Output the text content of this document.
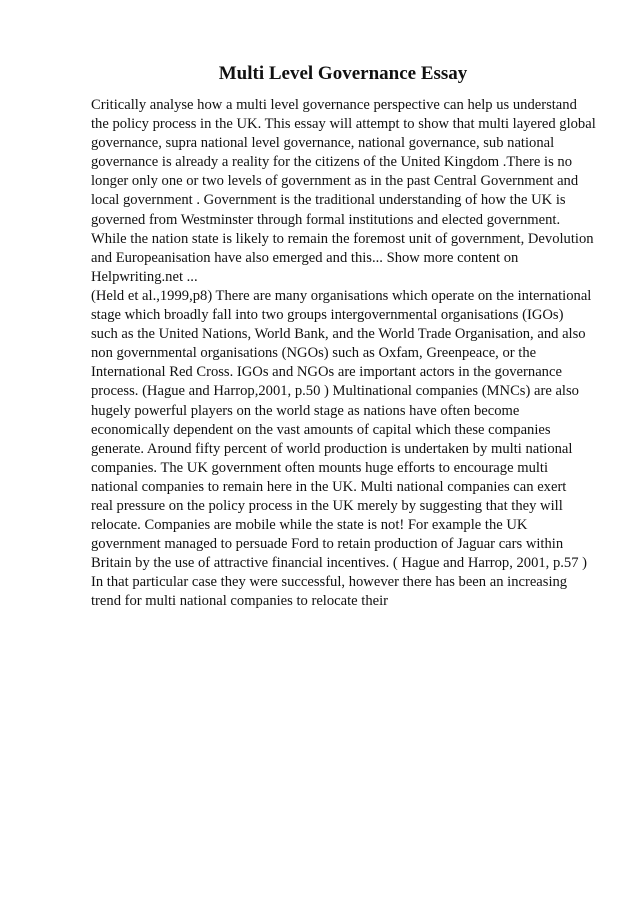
Multi Level Governance Essay
Critically analyse how a multi level governance perspective can help us understand
the policy process in the UK. This essay will attempt to show that multi layered global
governance, supra national level governance, national governance, sub national
governance is already a reality for the citizens of the United Kingdom .There is no
longer only one or two levels of government as in the past Central Government and
local government . Government is the traditional understanding of how the UK is
governed from Westminster through formal institutions and elected government.
While the nation state is likely to remain the foremost unit of government, Devolution
and Europeanisation have also emerged and this... Show more content on
Helpwriting.net ...
(Held et al.,1999,p8) There are many organisations which operate on the international
stage which broadly fall into two groups intergovernmental organisations (IGOs)
such as the United Nations, World Bank, and the World Trade Organisation, and also
non governmental organisations (NGOs) such as Oxfam, Greenpeace, or the
International Red Cross. IGOs and NGOs are important actors in the governance
process. (Hague and Harrop,2001, p.50 ) Multinational companies (MNCs) are also
hugely powerful players on the world stage as nations have often become
economically dependent on the vast amounts of capital which these companies
generate. Around fifty percent of world production is undertaken by multi national
companies. The UK government often mounts huge efforts to encourage multi
national companies to remain here in the UK. Multi national companies can exert
real pressure on the policy process in the UK merely by suggesting that they will
relocate. Companies are mobile while the state is not! For example the UK
government managed to persuade Ford to retain production of Jaguar cars within
Britain by the use of attractive financial incentives. ( Hague and Harrop, 2001, p.57 )
In that particular case they were successful, however there has been an increasing
trend for multi national companies to relocate their
